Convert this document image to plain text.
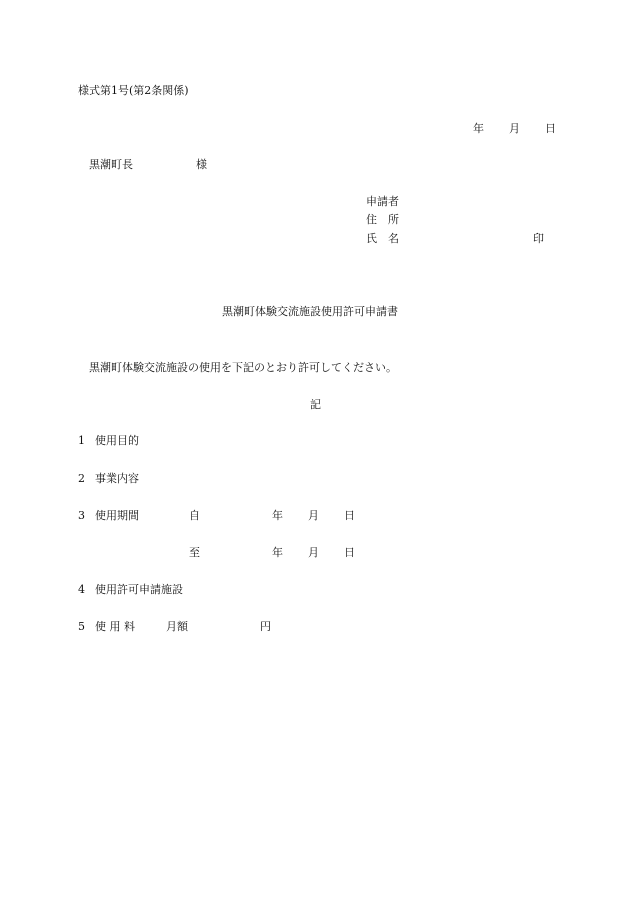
様式第1号(第2条関係)
年 月 日
黒潮町長	様
申請者
住　所
氏　名	印
黒潮町体験交流施設使用許可申請書
黒潮町体験交流施設の使用を下記のとおり許可してください。
記
1 使用目的
2 事業内容
3 使用期間	自	年 月 日
至	年 月 日
4 使用許可申請施設
5 使 用 料	月額	円
